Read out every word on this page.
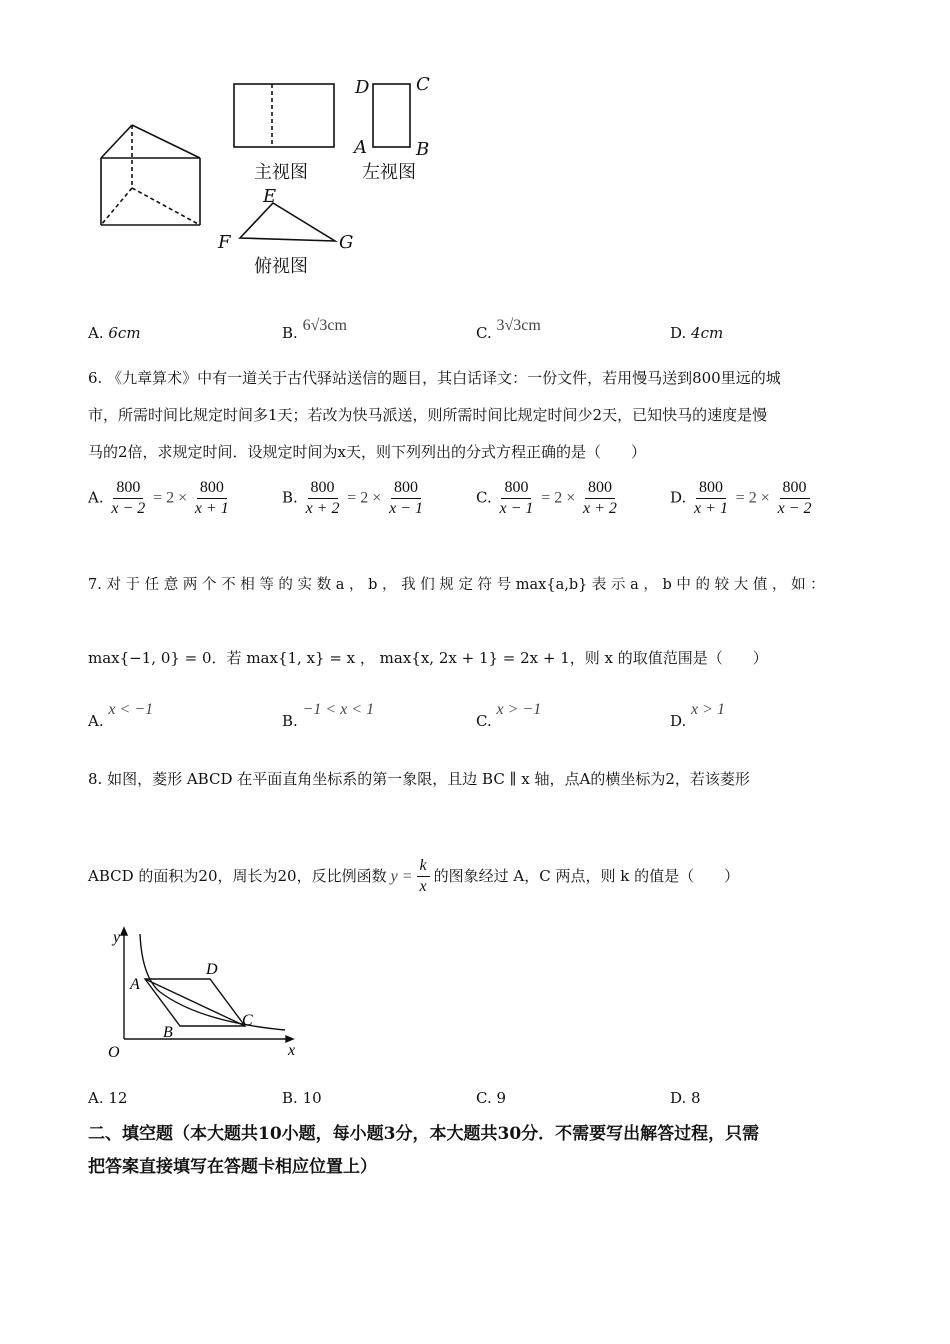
主视图	左视图
俯视图
D	C
A	B
E
F	G
A. 6cm	B. 6√3cm	C. 3√3cm	D. 4cm
6. 《九章算术》中有一道关于古代驿站送信的题目，其白话译文：一份文件，若用慢马送到800里远的城
市，所需时间比规定时间多1天；若改为快马派送，则所需时间比规定时间少2天，已知快马的速度是慢
马的2倍，求规定时间．设规定时间为x天，则下列列出的分式方程正确的是（　　）
A. $\frac{800}{x - 2} = 2 \times \frac{800}{x + 1}$	B. $\frac{800}{x + 2} = 2 \times \frac{800}{x - 1}$	C. $\frac{800}{x - 1} = 2 \times \frac{800}{x + 2}$	D. $\frac{800}{x + 1} = 2 \times \frac{800}{x - 2}$
7. 对 于 任 意 两 个 不 相 等 的 实 数 a ， b ， 我 们 规 定 符 号 max{a,b} 表 示 a ， b 中 的 较 大 值 ， 如 ：
max{−1, 0} = 0．若 max{1, x} = x ， max{x, 2x + 1} = 2x + 1，则 x 的取值范围是（　　）
A. x < −1
B. −1 < x < 1
C. x > −1
D. x > 1
8. 如图，菱形 ABCD 在平面直角坐标系的第一象限，且边 BC ∥ x 轴，点A的横坐标为2，若该菱形
ABCD 的面积为20，周长为20，反比例函数 $y = \frac{k}{x}$ 的图象经过 A，C 两点，则 k 的值是（　　）
y
x
O
A
B
C
D
A. 12	B. 10	C. 9	D. 8
二、填空题（本大题共10小题，每小题3分，本大题共30分．不需要写出解答过程，只需
把答案直接填写在答题卡相应位置上）
